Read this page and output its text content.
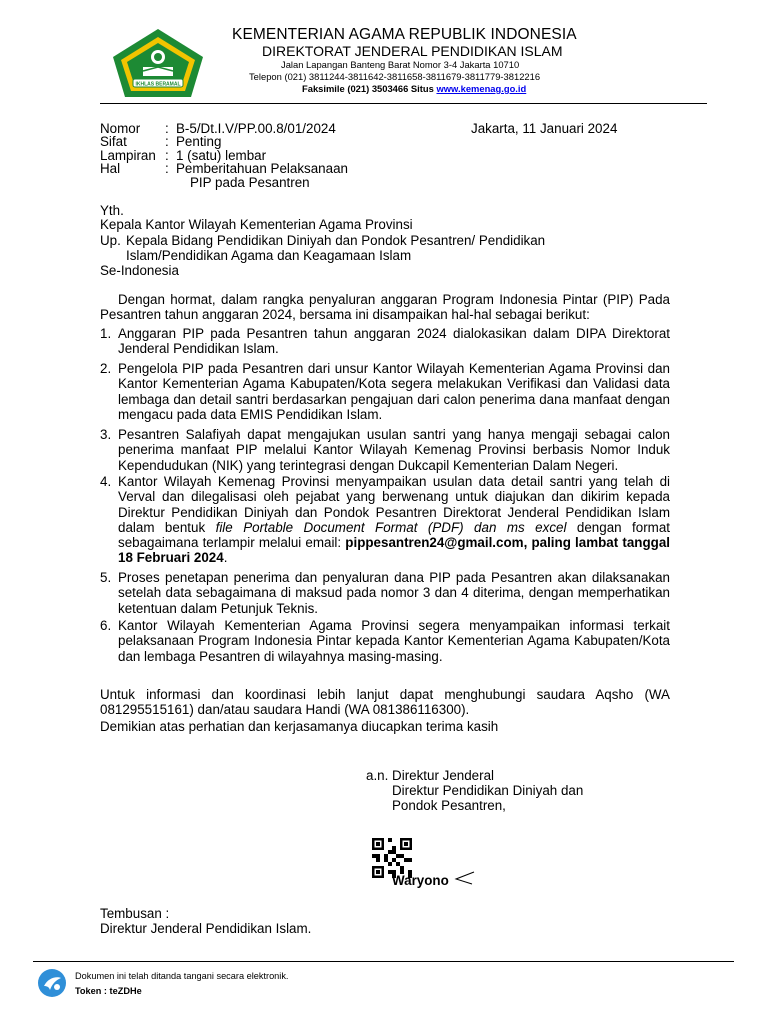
IKHLAS BERAMAL
KEMENTERIAN AGAMA REPUBLIK INDONESIA
DIREKTORAT JENDERAL PENDIDIKAN ISLAM
Jalan Lapangan Banteng Barat Nomor 3-4 Jakarta 10710
Telepon (021) 3811244-3811642-3811658-3811679-3811779-3812216
Faksimile (021) 3503466 Situs www.kemenag.go.id
Nomor	: B-5/Dt.I.V/PP.00.8/01/2024	Jakarta, 11 Januari 2024
Sifat	: Penting
Lampiran : 1 (satu) lembar
Hal	: Pemberitahuan Pelaksanaan
PIP pada Pesantren
Yth.
Kepala Kantor Wilayah Kementerian Agama Provinsi
Up. Kepala Bidang Pendidikan Diniyah dan Pondok Pesantren/ Pendidikan
Islam/Pendidikan Agama dan Keagamaan Islam
Se-Indonesia
Dengan hormat, dalam rangka penyaluran anggaran Program Indonesia Pintar (PIP) Pada Pesantren tahun anggaran 2024, bersama ini disampaikan hal-hal sebagai berikut:
1. Anggaran PIP pada Pesantren tahun anggaran 2024 dialokasikan dalam DIPA Direktorat Jenderal Pendidikan Islam.
2. Pengelola PIP pada Pesantren dari unsur Kantor Wilayah Kementerian Agama Provinsi dan Kantor Kementerian Agama Kabupaten/Kota segera melakukan Verifikasi dan Validasi data lembaga dan detail santri berdasarkan pengajuan dari calon penerima dana manfaat dengan mengacu pada data EMIS Pendidikan Islam.
3. Pesantren Salafiyah dapat mengajukan usulan santri yang hanya mengaji sebagai calon penerima manfaat PIP melalui Kantor Wilayah Kemenag Provinsi berbasis Nomor Induk Kependudukan (NIK) yang terintegrasi dengan Dukcapil Kementerian Dalam Negeri.
4. Kantor Wilayah Kemenag Provinsi menyampaikan usulan data detail santri yang telah di Verval dan dilegalisasi oleh pejabat yang berwenang untuk diajukan dan dikirim kepada Direktur Pendidikan Diniyah dan Pondok Pesantren Direktorat Jenderal Pendidikan Islam dalam bentuk file Portable Document Format (PDF) dan ms excel dengan format sebagaimana terlampir melalui email: pippesantren24@gmail.com, paling lambat tanggal 18 Februari 2024.
5. Proses penetapan penerima dan penyaluran dana PIP pada Pesantren akan dilaksanakan setelah data sebagaimana di maksud pada nomor 3 dan 4 diterima, dengan memperhatikan ketentuan dalam Petunjuk Teknis.
6. Kantor Wilayah Kementerian Agama Provinsi segera menyampaikan informasi terkait pelaksanaan Program Indonesia Pintar kepada Kantor Kementerian Agama Kabupaten/Kota dan lembaga Pesantren di wilayahnya masing-masing.
Untuk informasi dan koordinasi lebih lanjut dapat menghubungi saudara Aqsho (WA 081295515161) dan/atau saudara Handi (WA 081386116300).
Demikian atas perhatian dan kerjasamanya diucapkan terima kasih
a.n. Direktur Jenderal
Direktur Pendidikan Diniyah dan
Pondok Pesantren,
Waryono
Tembusan :
Direktur Jenderal Pendidikan Islam.
Dokumen ini telah ditanda tangani secara elektronik.
Token : teZDHe
